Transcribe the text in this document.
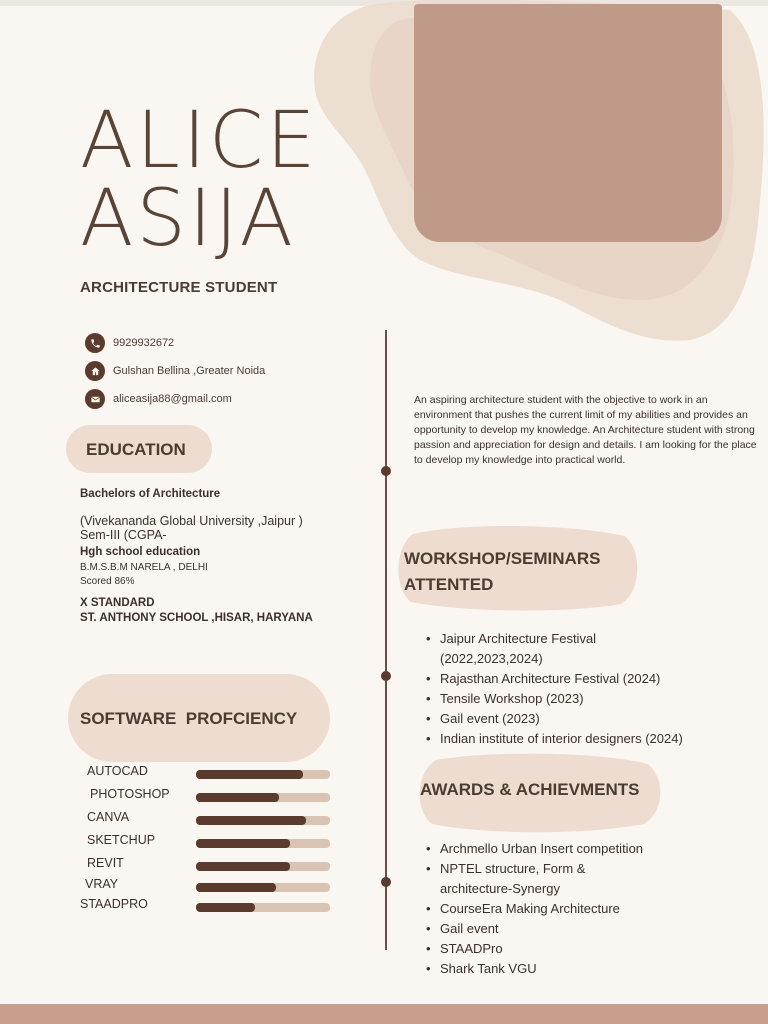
ALICE
ASIJA
ARCHITECTURE STUDENT
9929932672
Gulshan Bellina ,Greater Noida
aliceasija88@gmail.com
EDUCATION
Bachelors of Architecture
(Vivekananda Global University ,Jaipur )
Sem-III (CGPA-
Hgh school education
B.M.S.B.M NARELA , DELHI
Scored 86%
X STANDARD
ST. ANTHONY SCHOOL ,HISAR, HARYANA
SOFTWARE  PROFCIENCY
AUTOCAD
PHOTOSHOP
CANVA
SKETCHUP
REVIT
VRAY
STAADPRO
An aspiring architecture student with the objective to work in an environment that pushes the current limit of my abilities and provides an opportunity to develop my knowledge. An Architecture student with strong passion and appreciation for design and details. I am looking for the place to develop my knowledge into practical world.
WORKSHOP/SEMINARS
ATTENTED
• Jaipur Architecture Festival
(2022,2023,2024)
• Rajasthan Architecture Festival (2024)
• Tensile Workshop (2023)
• Gail event (2023)
• Indian institute of interior designers (2024)
AWARDS & ACHIEVMENTS
• Archmello Urban Insert competition
• NPTEL structure, Form &
architecture-Synergy
• CourseEra Making Architecture
• Gail event
• STAADPro
• Shark Tank VGU
